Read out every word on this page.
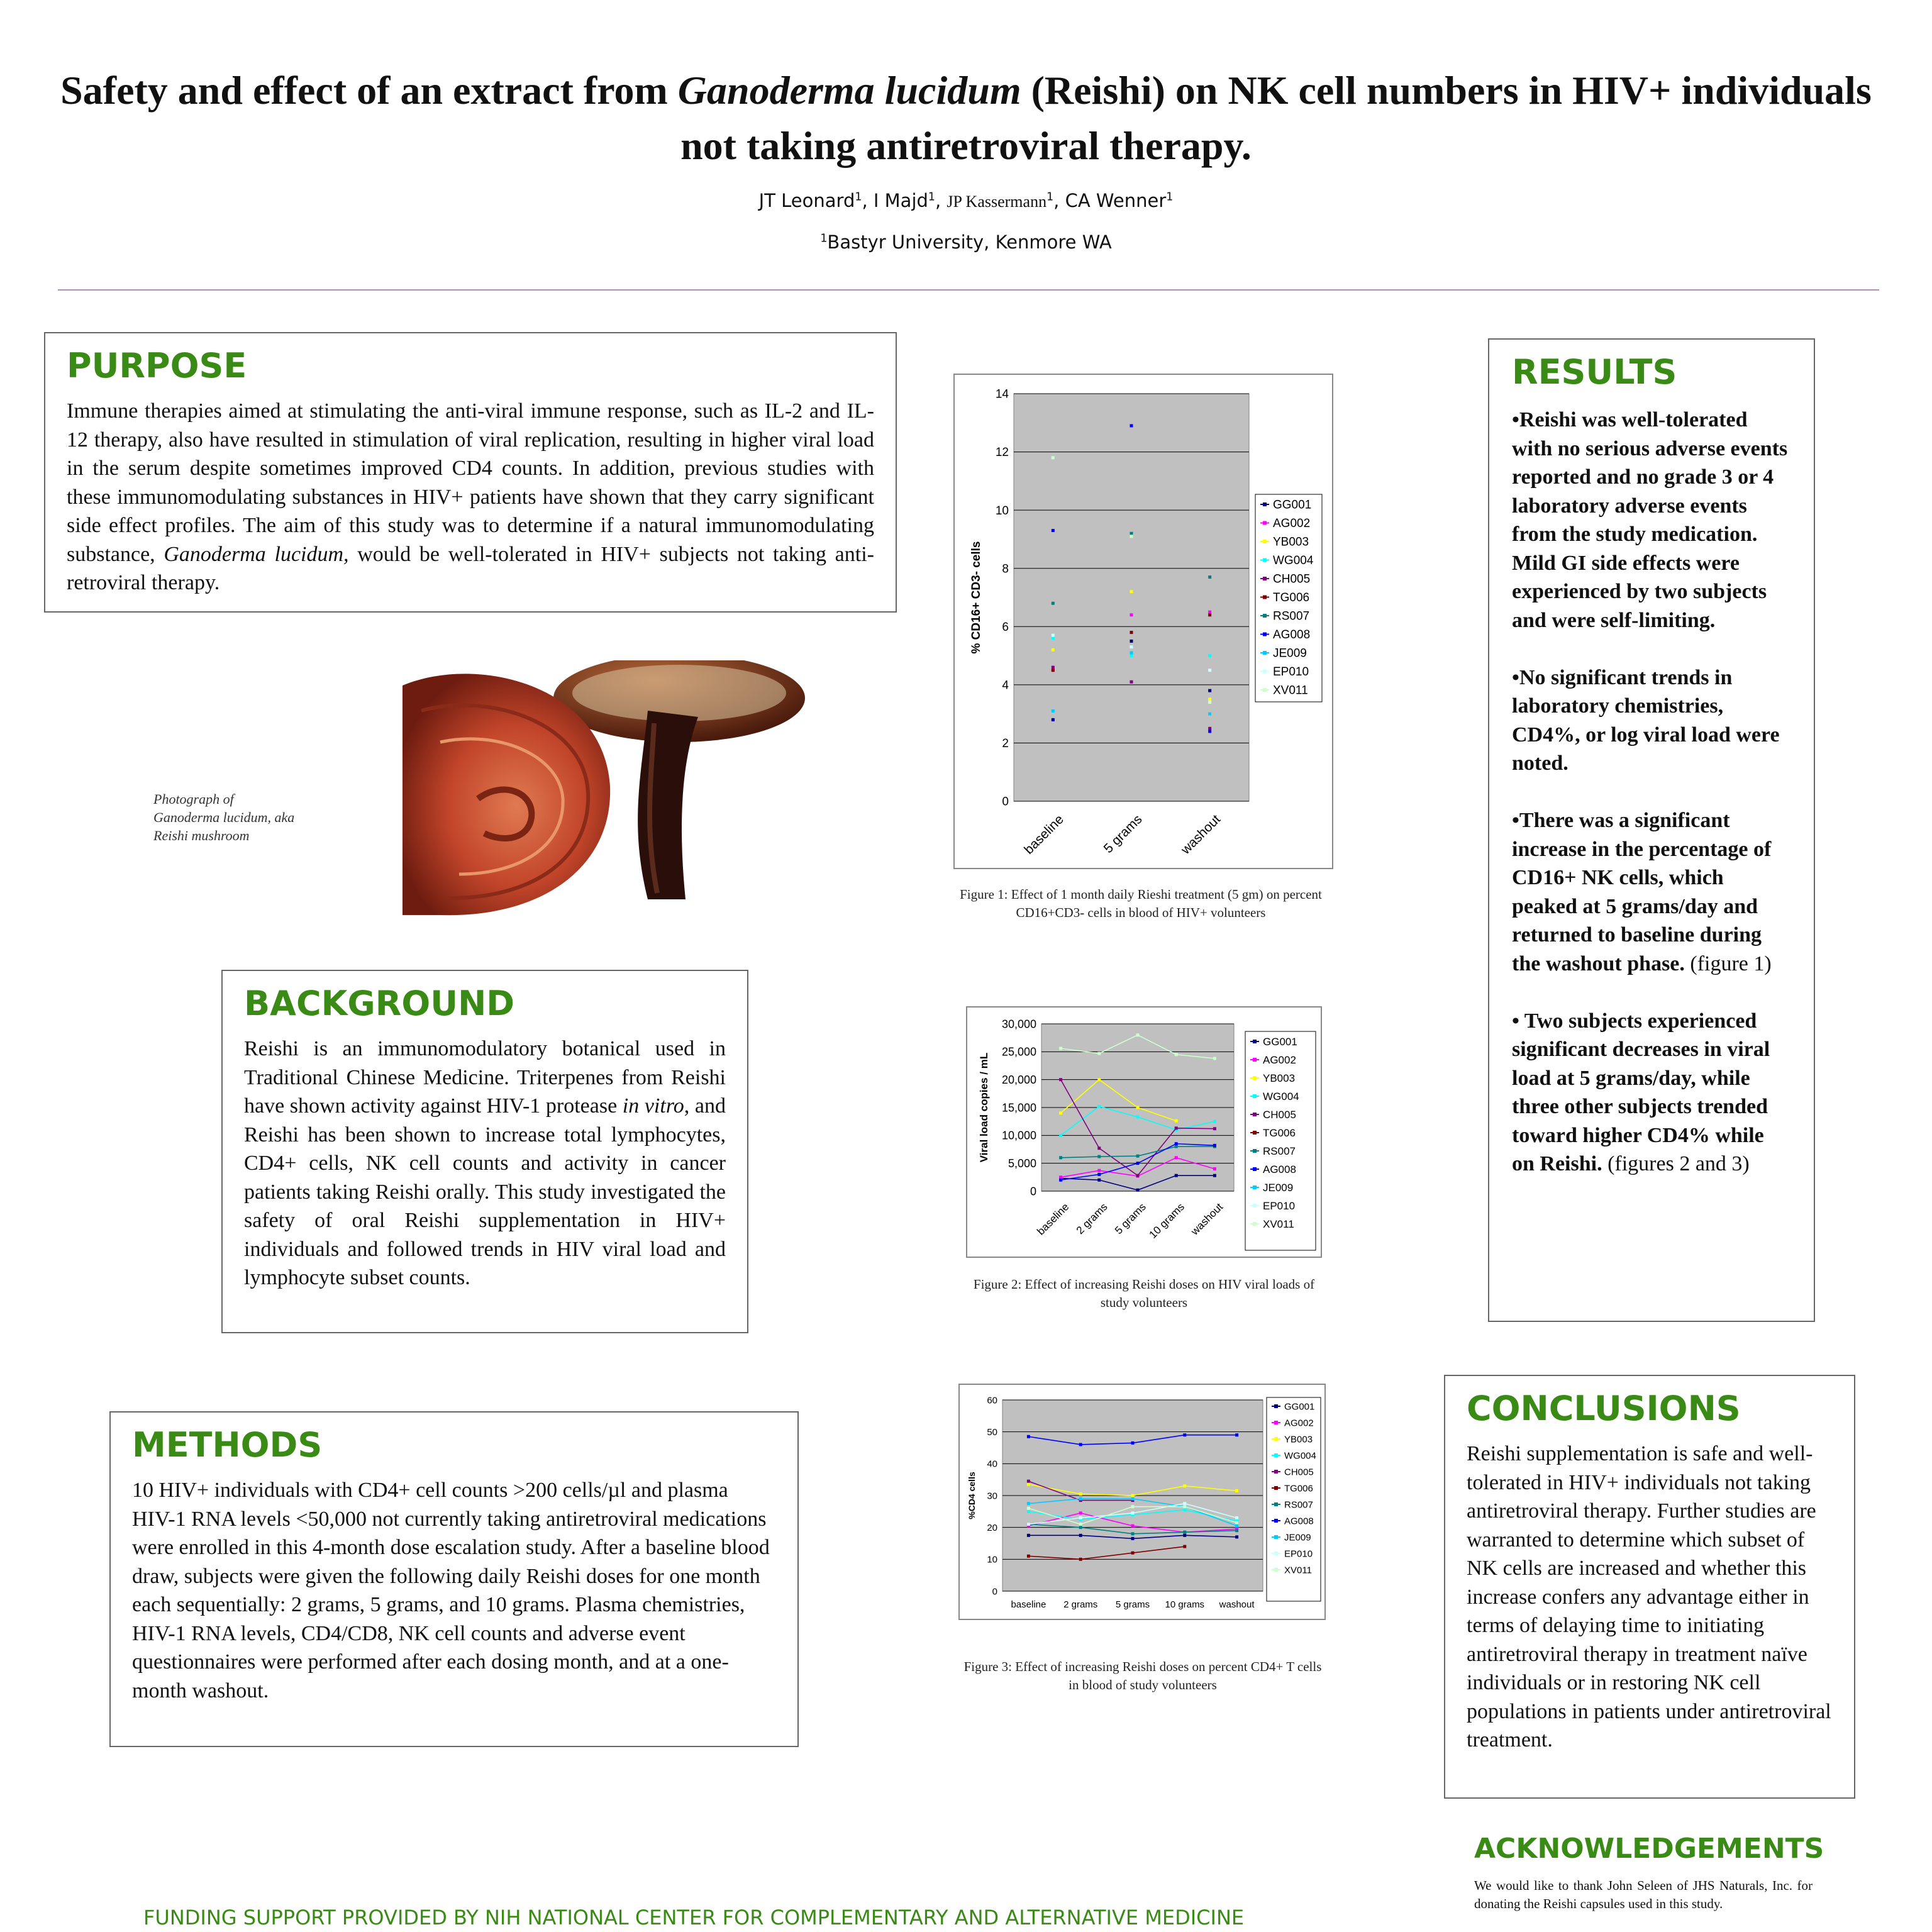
Safety and effect of an extract from Ganoderma lucidum (Reishi) on NK cell numbers in HIV+ individuals not taking antiretroviral therapy.
JT Leonard$^1$, I Majd$^1$, JP Kassermann$^1$, CA Wenner$^1$
$^1$Bastyr University, Kenmore WA
PURPOSE

Immune therapies aimed at stimulating the anti-viral immune response, such as IL-2 and IL-12 therapy, also have resulted in stimulation of viral replication, resulting in higher viral load in the serum despite sometimes improved CD4 counts. In addition, previous studies with these immunomodulating substances in HIV+ patients have shown that they carry significant side effect profiles. The aim of this study was to determine if a natural immunomodulating substance, Ganoderma lucidum, would be well-tolerated in HIV+ subjects not taking anti-retroviral therapy.

Photograph of
Ganoderma lucidum, aka
Reishi mushroom
BACKGROUND

Reishi is an immunomodulatory botanical used in Traditional Chinese Medicine. Triterpenes from Reishi have shown activity against HIV-1 protease in vitro, and Reishi has been shown to increase total lymphocytes, CD4+ cells, NK cell counts and activity in cancer patients taking Reishi orally. This study investigated the safety of oral Reishi supplementation in HIV+ individuals and followed trends in HIV viral load and lymphocyte subset counts.

METHODS

10 HIV+ individuals with CD4+ cell counts >200 cells/µl and plasma HIV-1 RNA levels <50,000 not currently taking antiretroviral medications were enrolled in this 4-month dose escalation study. After a baseline blood draw, subjects were given the following daily Reishi doses for one month each sequentially: 2 grams, 5 grams, and 10 grams. Plasma chemistries, HIV-1 RNA levels, CD4/CD8, NK cell counts and adverse event questionnaires were performed after each dosing month, and at a one-month washout.

RESULTS

•Reishi was well-tolerated with no serious adverse events reported and no grade 3 or 4 laboratory adverse events from the study medication. Mild GI side effects were experienced by two subjects and were self-limiting.

•No significant trends in laboratory chemistries, CD4%, or log viral load were noted.

•There was a significant increase in the percentage of CD16+ NK cells, which peaked at 5 grams/day and returned to baseline during the washout phase. (figure 1)

• Two subjects experienced significant decreases in viral load at 5 grams/day, while three other subjects trended toward higher CD4% while on Reishi. (figures 2 and 3)

CONCLUSIONS

Reishi supplementation is safe and well-tolerated in HIV+ individuals not taking antiretroviral therapy. Further studies are warranted to determine which subset of NK cells are increased and whether this increase confers any advantage either in terms of delaying time to initiating antiretroviral therapy in treatment naïve individuals or in restoring NK cell populations in patients under antiretroviral treatment.

ACKNOWLEDGEMENTS
We would like to thank John Seleen of JHS Naturals, Inc. for donating the Reishi capsules used in this study.
FUNDING SUPPORT PROVIDED BY NIH NATIONAL CENTER FOR COMPLEMENTARY AND ALTERNATIVE MEDICINE
0
2
4
6
8
10
12
14
% CD16+ CD3- cells
baseline	5 grams	washout
GG001
AG002
YB003
WG004
CH005
TG006
RS007
AG008
JE009
EP010
XV011
Figure 1: Effect of 1 month daily Rieshi treatment (5 gm) on percent CD16+CD3- cells in blood of HIV+ volunteers
0
5,000
10,000
15,000
20,000
25,000
30,000
Viral load copies / mL
baseline 2 grams 5 grams
10 grams washout
GG001
AG002
YB003
WG004
CH005
TG006
RS007
AG008
JE009
EP010
XV011
Figure 2: Effect of increasing Reishi doses on HIV viral loads of study volunteers
0
10
20
30
40
50
60
%CD4 cells
baseline 2 grams 5 grams 10 grams washout
GG001
AG002
YB003
WG004
CH005
TG006
RS007
AG008
JE009
EP010
XV011
Figure 3: Effect of increasing Reishi doses on percent CD4+ T cells in blood of study volunteers
